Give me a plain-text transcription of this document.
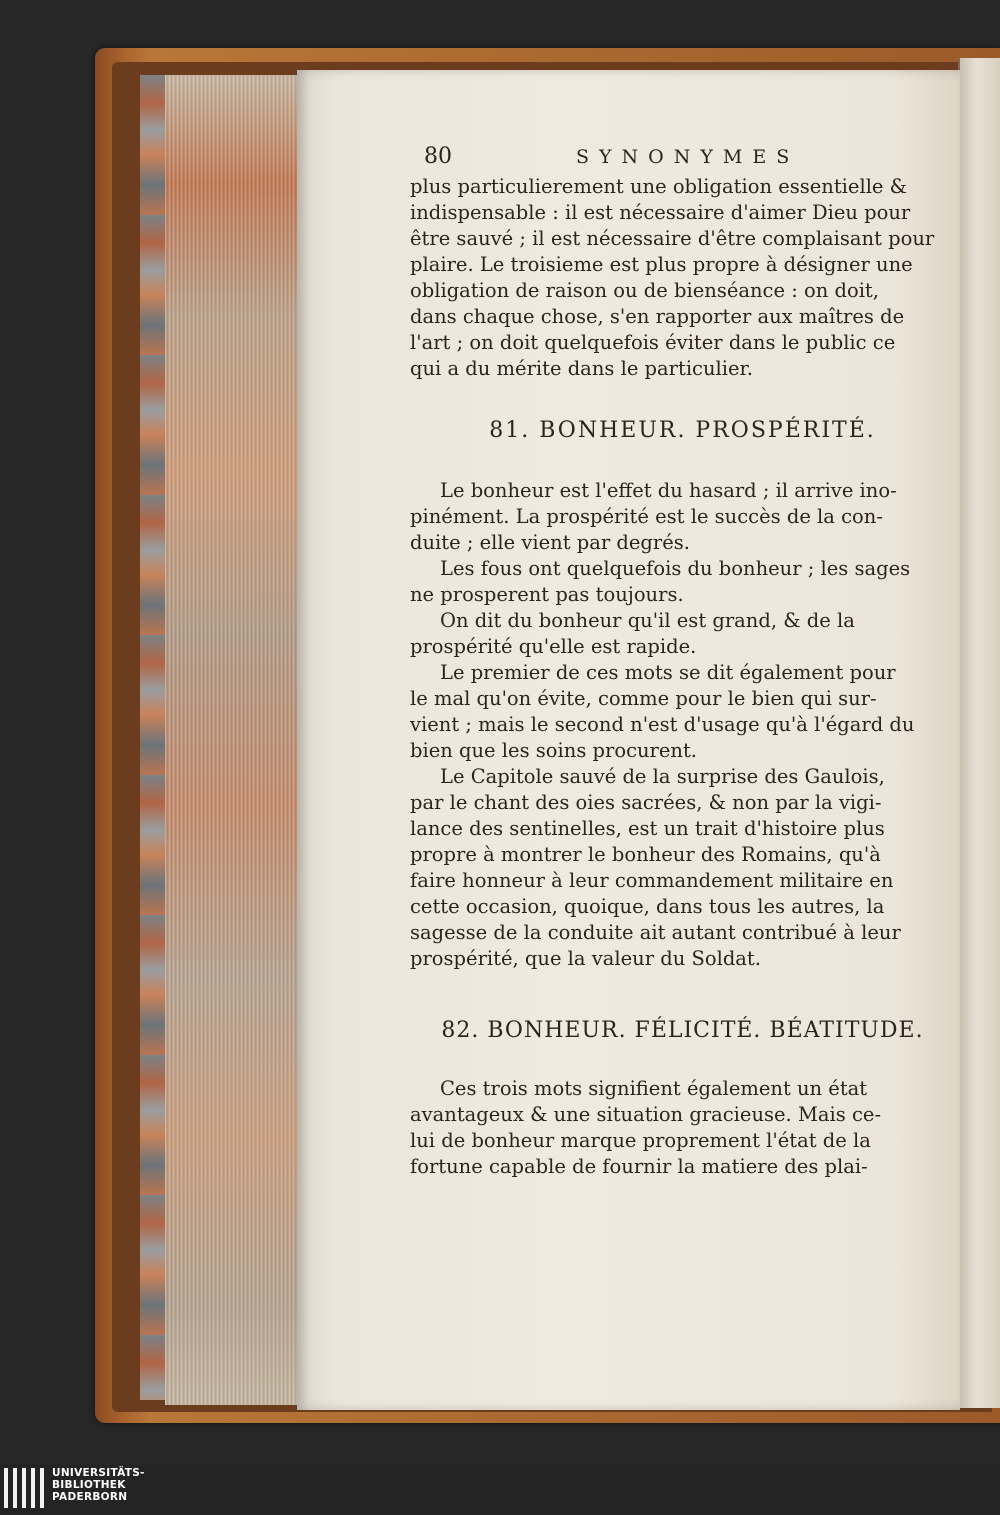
80	SYNONYMES
plus particulierement une obligation essentielle &
indispensable : il est nécessaire d'aimer Dieu pour
être sauvé ; il est nécessaire d'être complaisant pour
plaire. Le troisieme est plus propre à désigner une
obligation de raison ou de bienséance : on doit,
dans chaque chose, s'en rapporter aux maîtres de
l'art ; on doit quelquefois éviter dans le public ce
qui a du mérite dans le particulier.
81. BONHEUR. PROSPÉRITÉ.
Le bonheur est l'effet du hasard ; il arrive ino-
pinément. La prospérité est le succès de la con-
duite ; elle vient par degrés.
Les fous ont quelquefois du bonheur ; les sages
ne prosperent pas toujours.
On dit du bonheur qu'il est grand, & de la
prospérité qu'elle est rapide.
Le premier de ces mots se dit également pour
le mal qu'on évite, comme pour le bien qui sur-
vient ; mais le second n'est d'usage qu'à l'égard du
bien que les soins procurent.
Le Capitole sauvé de la surprise des Gaulois,
par le chant des oies sacrées, & non par la vigi-
lance des sentinelles, est un trait d'histoire plus
propre à montrer le bonheur des Romains, qu'à
faire honneur à leur commandement militaire en
cette occasion, quoique, dans tous les autres, la
sagesse de la conduite ait autant contribué à leur
prospérité, que la valeur du Soldat.
82. BONHEUR. FÉLICITÉ. BÉATITUDE.
Ces trois mots signifient également un état
avantageux & une situation gracieuse. Mais ce-
lui de bonheur marque proprement l'état de la
fortune capable de fournir la matiere des plai-
UNIVERSITÄTS-
BIBLIOTHEK
PADERBORN
